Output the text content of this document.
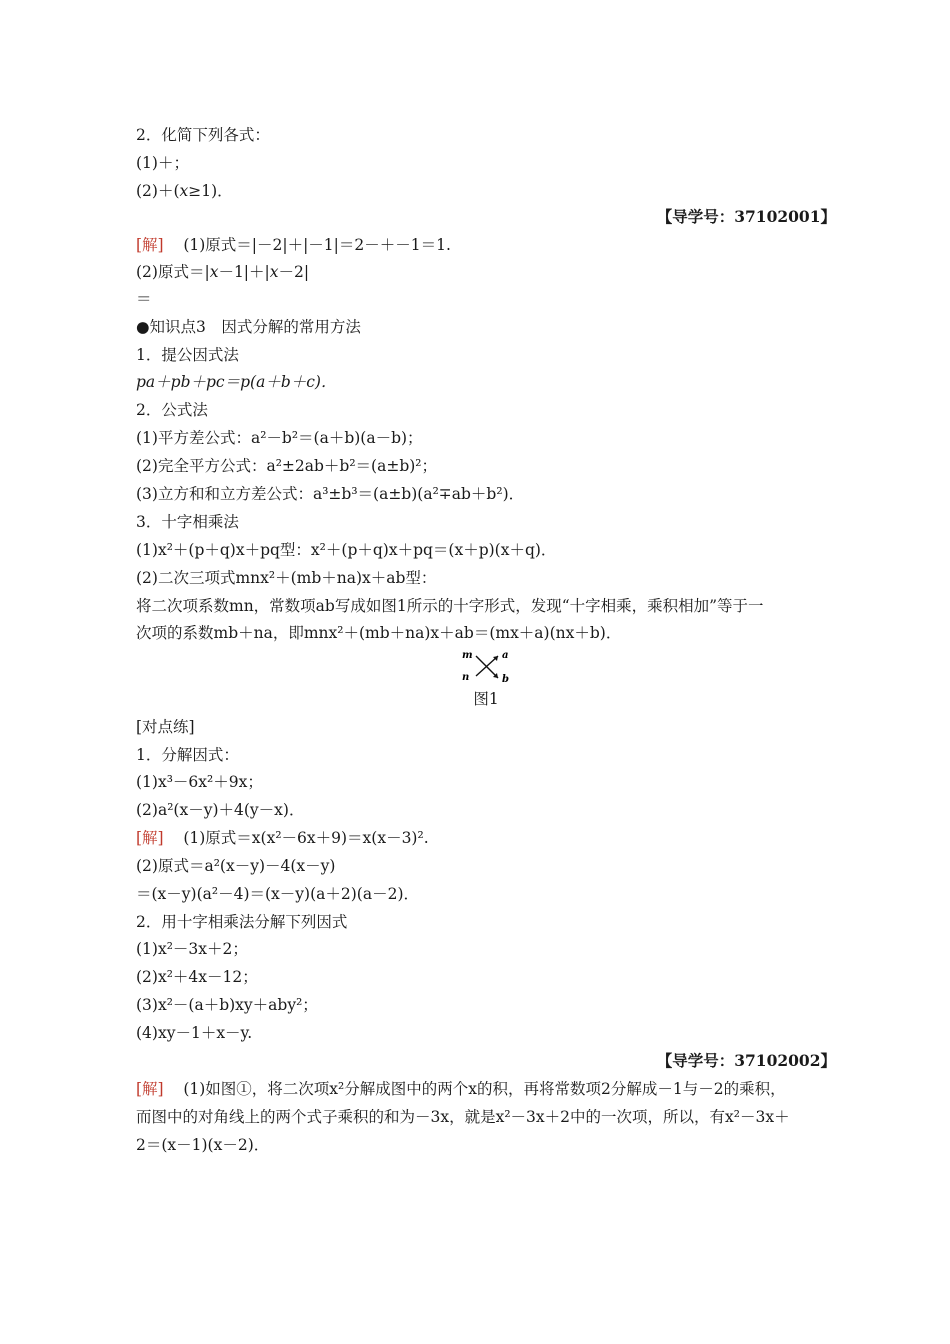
2．化简下列各式：
(1)＋；
(2)＋(x≥1)．
【导学号：37102001】
[解] (1)原式＝|－2|＋|－1|＝2－＋－1＝1.
(2)原式＝|x－1|＋|x－2|
＝
●知识点3　因式分解的常用方法
1．提公因式法
pa＋pb＋pc＝p(a＋b＋c)．
2．公式法
(1)平方差公式：a²－b²＝(a＋b)(a－b)；
(2)完全平方公式：a²±2ab＋b²＝(a±b)²；
(3)立方和和立方差公式：a³±b³＝(a±b)(a²∓ab＋b²)．
3．十字相乘法
(1)x²＋(p＋q)x＋pq型：x²＋(p＋q)x＋pq＝(x＋p)(x＋q)．
(2)二次三项式mnx²＋(mb＋na)x＋ab型：
将二次项系数mn，常数项ab写成如图1所示的十字形式，发现“十字相乘，乘积相加”等于一
次项的系数mb＋na，即mnx²＋(mb＋na)x＋ab＝(mx＋a)(nx＋b)．
m
n
a
b
图1
[对点练]
1．分解因式：
(1)x³－6x²＋9x；
(2)a²(x－y)＋4(y－x)．
[解] (1)原式＝x(x²－6x＋9)＝x(x－3)².
(2)原式＝a²(x－y)－4(x－y)
＝(x－y)(a²－4)＝(x－y)(a＋2)(a－2)．
2．用十字相乘法分解下列因式
(1)x²－3x＋2；
(2)x²＋4x－12；
(3)x²－(a＋b)xy＋aby²；
(4)xy－1＋x－y.
【导学号：37102002】
[解] (1)如图①，将二次项x²分解成图中的两个x的积，再将常数项2分解成－1与－2的乘积，
而图中的对角线上的两个式子乘积的和为－3x，就是x²－3x＋2中的一次项，所以，有x²－3x＋
2＝(x－1)(x－2)．
